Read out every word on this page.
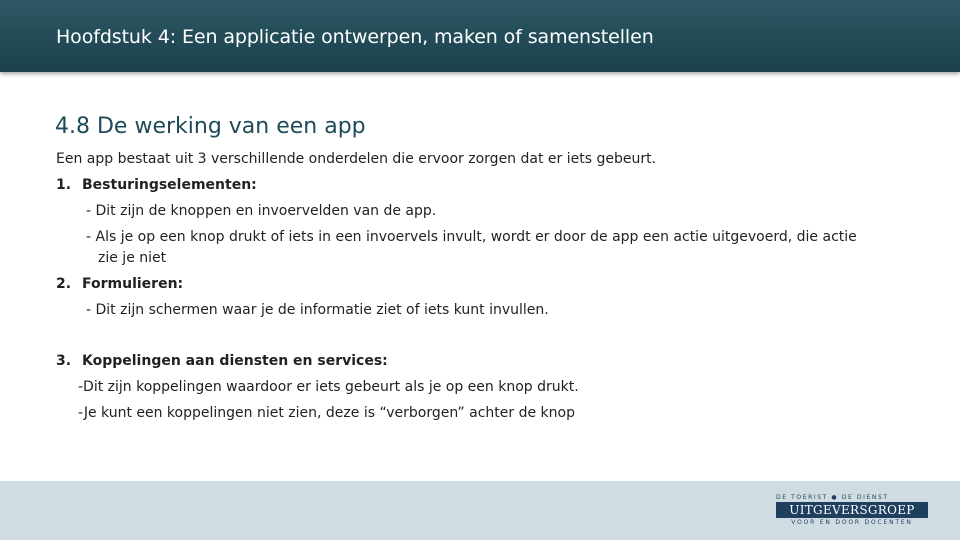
Hoofdstuk 4: Een applicatie ontwerpen, maken of samenstellen
4.8 De werking van een app
Een app bestaat uit 3 verschillende onderdelen die ervoor zorgen dat er iets gebeurt.
1. Besturingselementen:
- Dit zijn de knoppen en invoervelden van de app.
- Als je op een knop drukt of iets in een invoervels invult, wordt er door de app een actie uitgevoerd, die actie
zie je niet
2. Formulieren:
- Dit zijn schermen waar je de informatie ziet of iets kunt invullen.
3. Koppelingen aan diensten en services:
-Dit zijn koppelingen waardoor er iets gebeurt als je op een knop drukt.
-Je kunt een koppelingen niet zien, deze is “verborgen” achter de knop
DE TOERIST ● DE DIENST
UITGEVERSGROEP
VOOR EN DOOR DOCENTEN
